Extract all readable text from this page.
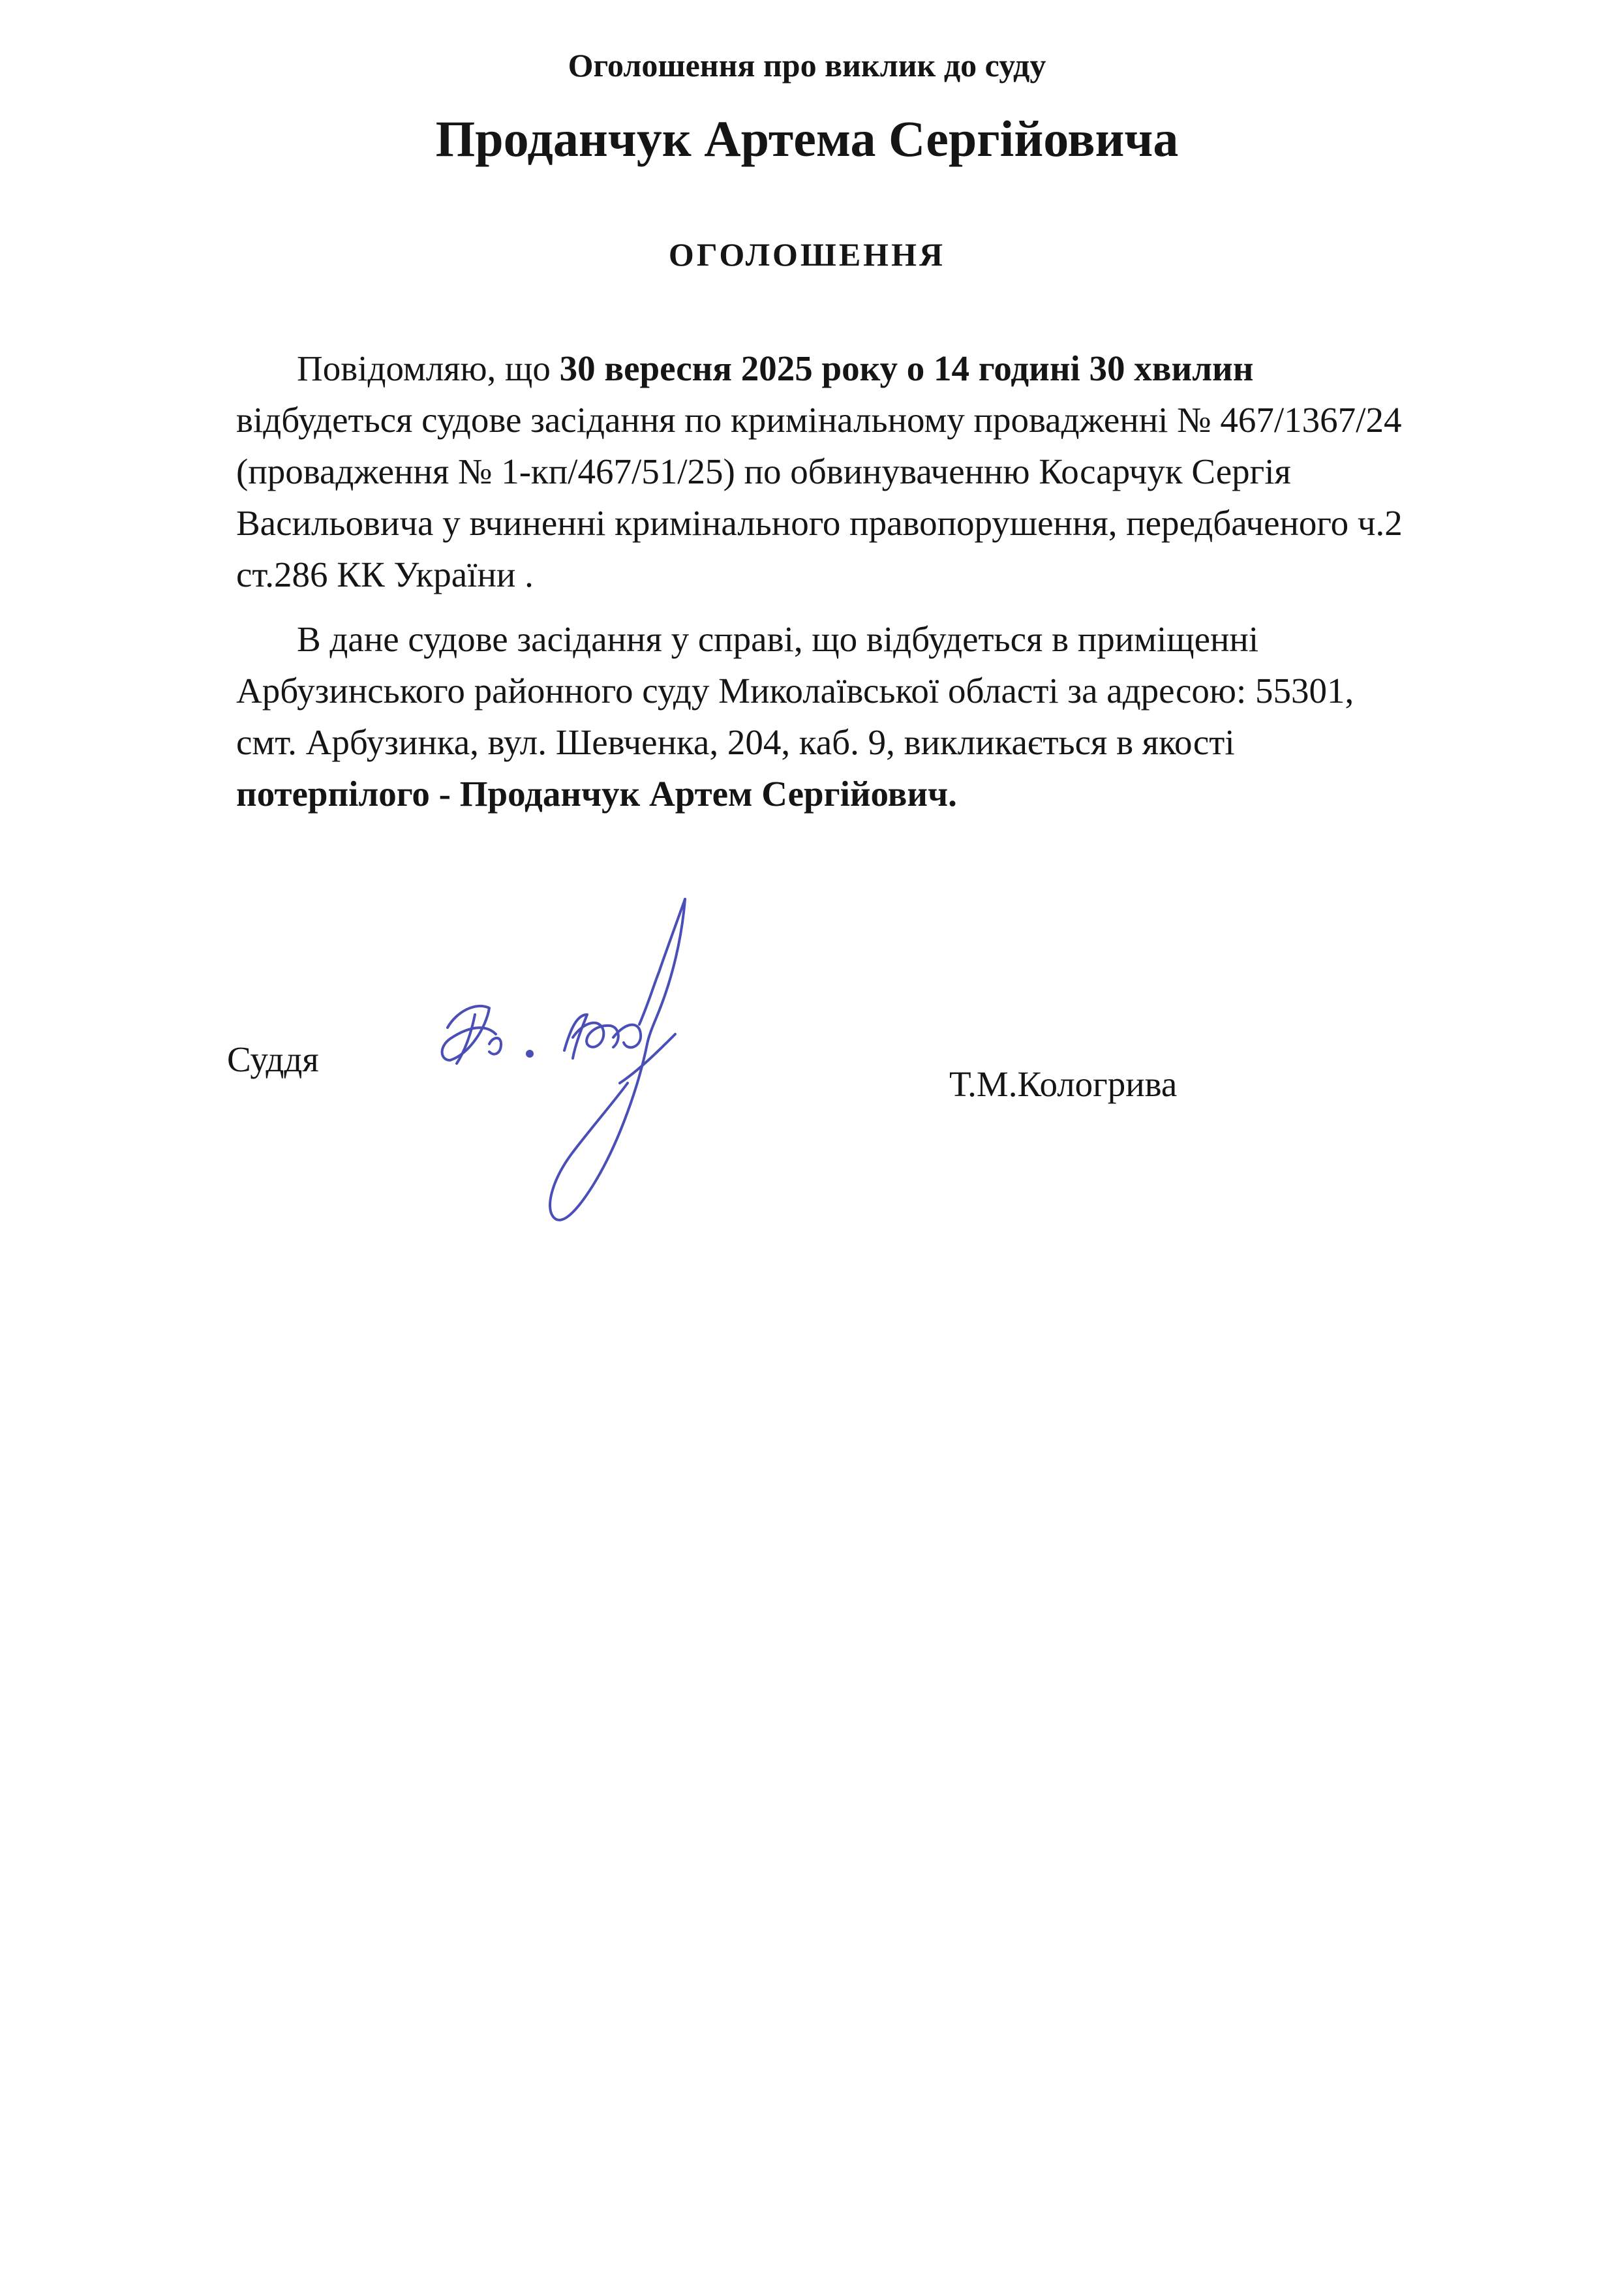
Оголошення про виклик до суду

Проданчук Артема Сергійовича

ОГОЛОШЕННЯ

Повідомляю, що 30 вересня 2025 року о 14 годині 30 хвилин

відбудеться судове засідання по кримінальному провадженні № 467/1367/24

(провадження № 1-кп/467/51/25) по обвинуваченню Косарчук Сергія

Васильовича у вчиненні кримінального правопорушення, передбаченого ч.2

ст.286 КК України .

В дане судове засідання у справі, що відбудеться в приміщенні

Арбузинського районного суду Миколаївської області за адресою: 55301,

смт. Арбузинка, вул. Шевченка, 204, каб. 9, викликається в якості

потерпілого - Проданчук Артем Сергійович.

Суддя
Т.М.Кологрива
